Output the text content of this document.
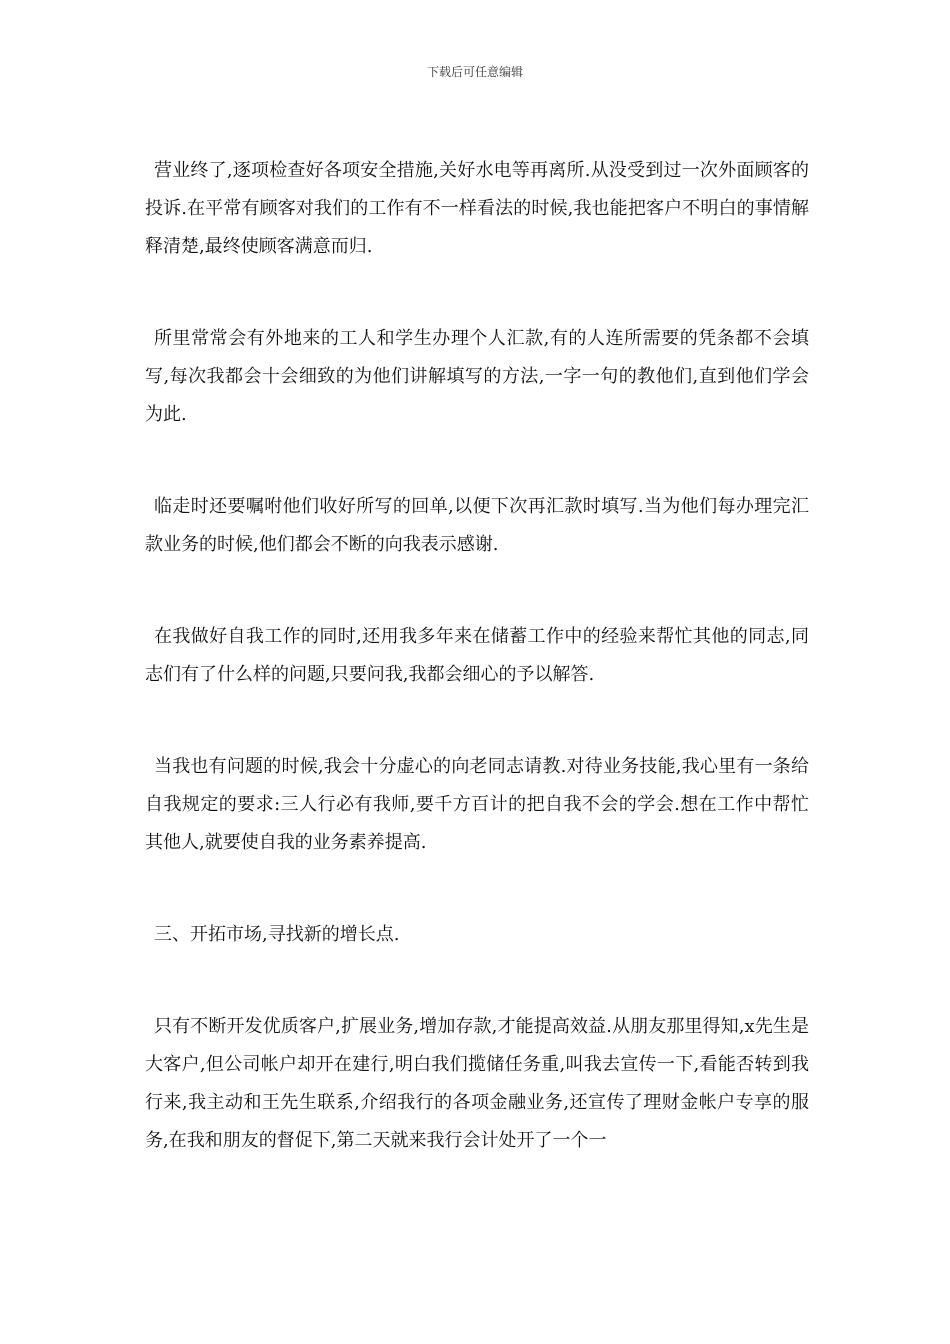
下载后可任意编辑

营业终了,逐项检查好各项安全措施,关好水电等再离所.从没受到过一次外面顾客的投诉.在平常有顾客对我们的工作有不一样看法的时候,我也能把客户不明白的事情解释清楚,最终使顾客满意而归.

所里常常会有外地来的工人和学生办理个人汇款,有的人连所需要的凭条都不会填写,每次我都会十会细致的为他们讲解填写的方法,一字一句的教他们,直到他们学会为此.

临走时还要嘱咐他们收好所写的回单,以便下次再汇款时填写.当为他们每办理完汇款业务的时候,他们都会不断的向我表示感谢.

在我做好自我工作的同时,还用我多年来在储蓄工作中的经验来帮忙其他的同志,同志们有了什么样的问题,只要问我,我都会细心的予以解答.

当我也有问题的时候,我会十分虚心的向老同志请教.对待业务技能,我心里有一条给自我规定的要求:三人行必有我师,要千方百计的把自我不会的学会.想在工作中帮忙其他人,就要使自我的业务素养提高.

三、开拓市场,寻找新的增长点.

只有不断开发优质客户,扩展业务,增加存款,才能提高效益.从朋友那里得知,x先生是大客户,但公司帐户却开在建行,明白我们揽储任务重,叫我去宣传一下,看能否转到我行来,我主动和王先生联系,介绍我行的各项金融业务,还宣传了理财金帐户专享的服务,在我和朋友的督促下,第二天就来我行会计处开了一个一
